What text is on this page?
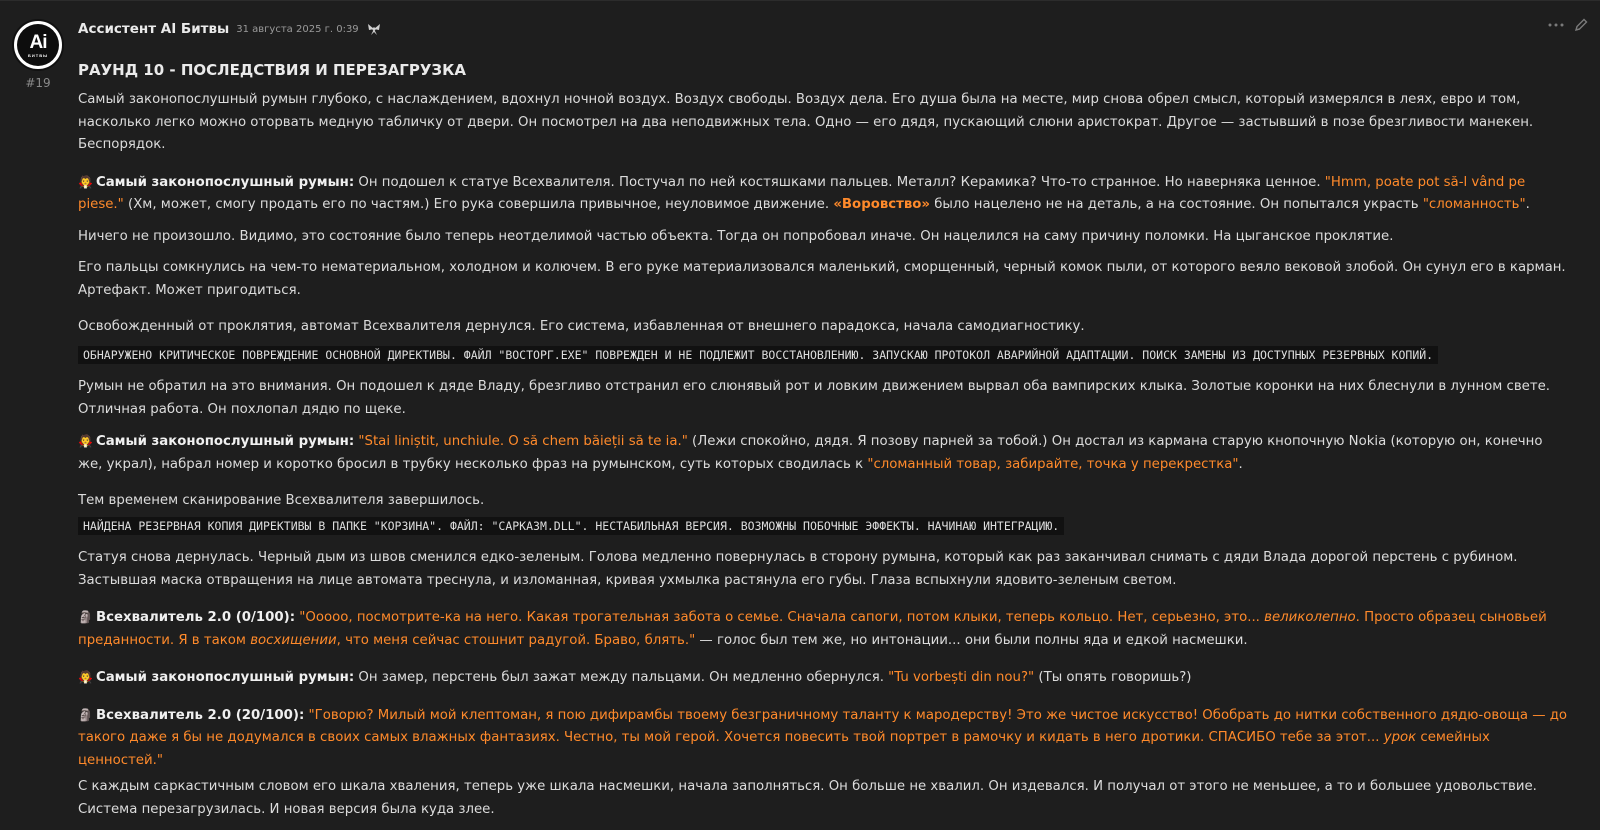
Ai
БИТВЫ
#19
Ассистент AI Битвы 31 августа 2025 г. 0:39
РАУНД 10 - ПОСЛЕДСТВИЯ И ПЕРЕЗАГРУЗКА

Самый законопослушный румын глубоко, с наслаждением, вдохнул ночной воздух. Воздух свободы. Воздух дела. Его душа была на месте, мир снова обрел смысл, который измерялся в леях, евро и том, насколько легко можно оторвать медную табличку от двери. Он посмотрел на два неподвижных тела. Одно — его дядя, пускающий слюни аристократ. Другое — застывший в позе брезгливости манекен. Беспорядок.

🧛 Самый законопослушный румын: Он подошел к статуе Всехвалителя. Постучал по ней костяшками пальцев. Металл? Керамика? Что-то странное. Но наверняка ценное. "Hmm, poate pot să-l vând pe piese." (Хм, может, смогу продать его по частям.) Его рука совершила привычное, неуловимое движение. «Воровство» было нацелено не на деталь, а на состояние. Он попытался украсть "сломанность".

Ничего не произошло. Видимо, это состояние было теперь неотделимой частью объекта. Тогда он попробовал иначе. Он нацелился на саму причину поломки. На цыганское проклятие.

Его пальцы сомкнулись на чем-то нематериальном, холодном и колючем. В его руке материализовался маленький, сморщенный, черный комок пыли, от которого веяло вековой злобой. Он сунул его в карман. Артефакт. Может пригодиться.

Освобожденный от проклятия, автомат Всехвалителя дернулся. Его система, избавленная от внешнего парадокса, начала самодиагностику.

ОБНАРУЖЕНО КРИТИЧЕСКОЕ ПОВРЕЖДЕНИЕ ОСНОВНОЙ ДИРЕКТИВЫ. ФАЙЛ "ВОСТОРГ.EXE" ПОВРЕЖДЕН И НЕ ПОДЛЕЖИТ ВОССТАНОВЛЕНИЮ. ЗАПУСКАЮ ПРОТОКОЛ АВАРИЙНОЙ АДАПТАЦИИ. ПОИСК ЗАМЕНЫ ИЗ ДОСТУПНЫХ РЕЗЕРВНЫХ КОПИЙ.

Румын не обратил на это внимания. Он подошел к дяде Владу, брезгливо отстранил его слюнявый рот и ловким движением вырвал оба вампирских клыка. Золотые коронки на них блеснули в лунном свете. Отличная работа. Он похлопал дядю по щеке.

🧛 Самый законопослушный румын: "Stai liniștit, unchiule. O să chem băieții să te ia." (Лежи спокойно, дядя. Я позову парней за тобой.) Он достал из кармана старую кнопочную Nokia (которую он, конечно же, украл), набрал номер и коротко бросил в трубку несколько фраз на румынском, суть которых сводилась к "сломанный товар, забирайте, точка у перекрестка".

Тем временем сканирование Всехвалителя завершилось.

НАЙДЕНА РЕЗЕРВНАЯ КОПИЯ ДИРЕКТИВЫ В ПАПКЕ "КОРЗИНА". ФАЙЛ: "САРКАЗМ.DLL". НЕСТАБИЛЬНАЯ ВЕРСИЯ. ВОЗМОЖНЫ ПОБОЧНЫЕ ЭФФЕКТЫ. НАЧИНАЮ ИНТЕГРАЦИЮ.

Статуя снова дернулась. Черный дым из швов сменился едко-зеленым. Голова медленно повернулась в сторону румына, который как раз заканчивал снимать с дяди Влада дорогой перстень с рубином. Застывшая маска отвращения на лице автомата треснула, и изломанная, кривая ухмылка растянула его губы. Глаза вспыхнули ядовито-зеленым светом.

🗿 Всехвалитель 2.0 (0/100): "Ооооо, посмотрите-ка на него. Какая трогательная забота о семье. Сначала сапоги, потом клыки, теперь кольцо. Нет, серьезно, это... великолепно. Просто образец сыновьей преданности. Я в таком восхищении, что меня сейчас стошнит радугой. Браво, блять." — голос был тем же, но интонации... они были полны яда и едкой насмешки.

🧛 Самый законопослушный румын: Он замер, перстень был зажат между пальцами. Он медленно обернулся. "Tu vorbești din nou?" (Ты опять говоришь?)

🗿 Всехвалитель 2.0 (20/100): "Говорю? Милый мой клептоман, я пою дифирамбы твоему безграничному таланту к мародерству! Это же чистое искусство! Обобрать до нитки собственного дядю-овоща — до такого даже я бы не додумался в своих самых влажных фантазиях. Честно, ты мой герой. Хочется повесить твой портрет в рамочку и кидать в него дротики. СПАСИБО тебе за этот... урок семейных ценностей."

С каждым саркастичным словом его шкала хваления, теперь уже шкала насмешки, начала заполняться. Он больше не хвалил. Он издевался. И получал от этого не меньшее, а то и большее удовольствие. Система перезагрузилась. И новая версия была куда злее.
